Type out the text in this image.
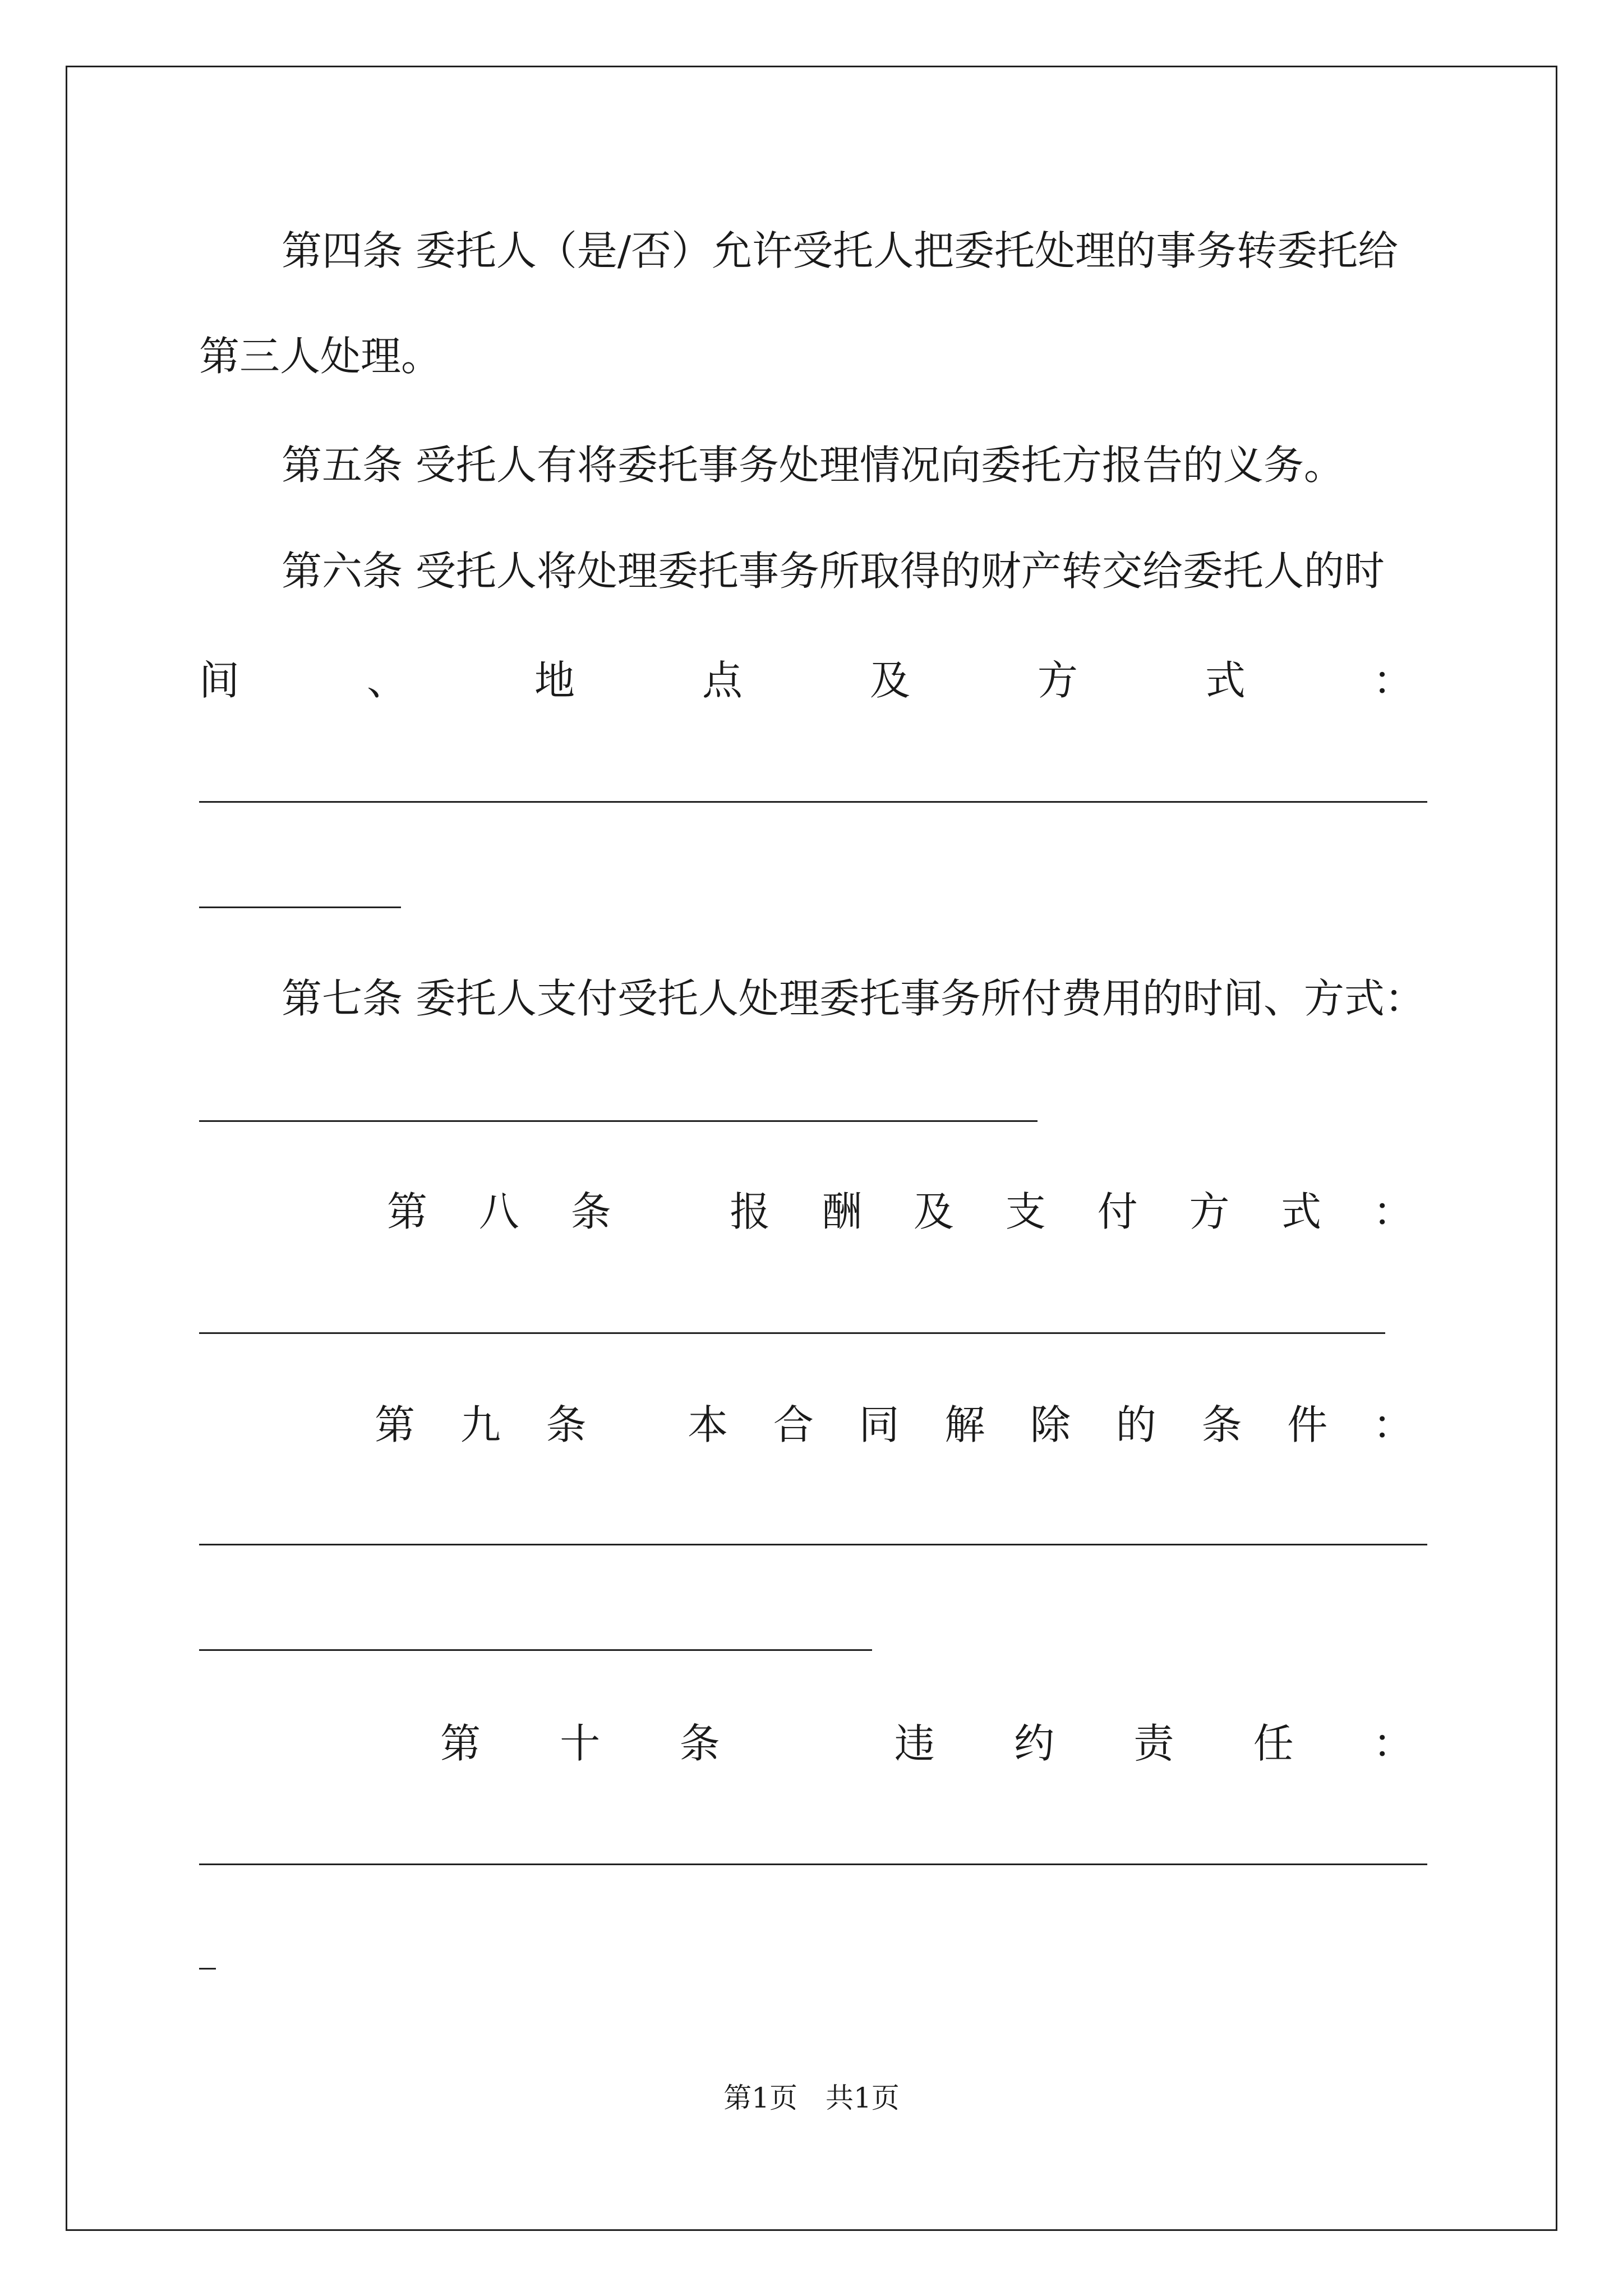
第四条 委托人（是/否）允许受托人把委托处理的事务转委托给
第三人处理。
第五条 受托人有将委托事务处理情况向委托方报告的义务。
第六条 受托人将处理委托事务所取得的财产转交给委托人的时
间	、	地	点	及	方	式	：
第七条 委托人支付受托人处理委托事务所付费用的时间、方式：
第 八 条	报 酬 及 支 付 方 式 ：
第 九 条	本 合 同 解 除 的 条 件 ：
第 十 条	违 约 责 任 ：
第1页　共1页
